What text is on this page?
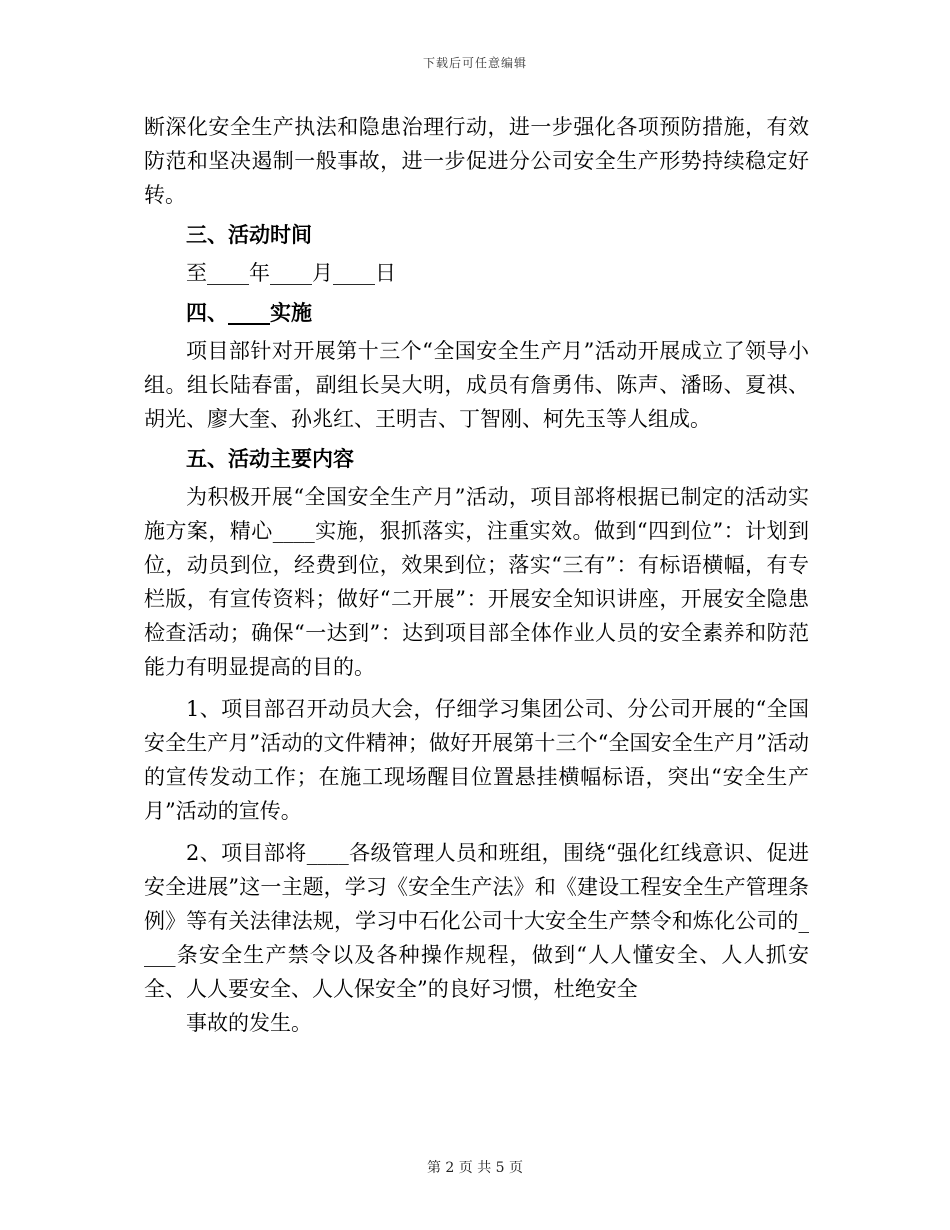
下载后可任意编辑

断深化安全生产执法和隐患治理行动，进一步强化各项预防措施，有效防范和坚决遏制一般事故，进一步促进分公司安全生产形势持续稳定好转。

三、活动时间

至____年____月____日

四、____实施

项目部针对开展第十三个“全国安全生产月”活动开展成立了领导小组。组长陆春雷，副组长吴大明，成员有詹勇伟、陈声、潘旸、夏祺、胡光、廖大奎、孙兆红、王明吉、丁智刚、柯先玉等人组成。

五、活动主要内容

为积极开展“全国安全生产月”活动，项目部将根据已制定的活动实施方案，精心____实施，狠抓落实，注重实效。做到“四到位”：计划到位，动员到位，经费到位，效果到位；落实“三有”：有标语横幅，有专栏版，有宣传资料；做好“二开展”：开展安全知识讲座，开展安全隐患检查活动；确保“一达到”：达到项目部全体作业人员的安全素养和防范能力有明显提高的目的。

1、项目部召开动员大会，仔细学习集团公司、分公司开展的“全国安全生产月”活动的文件精神；做好开展第十三个“全国安全生产月”活动的宣传发动工作；在施工现场醒目位置悬挂横幅标语，突出“安全生产月”活动的宣传。

2、项目部将____各级管理人员和班组，围绕“强化红线意识、促进安全进展”这一主题，学习《安全生产法》和《建设工程安全生产管理条例》等有关法律法规，学习中石化公司十大安全生产禁令和炼化公司的____条安全生产禁令以及各种操作规程，做到“人人懂安全、人人抓安全、人人要安全、人人保安全”的良好习惯，杜绝安全

事故的发生。

第 2 页 共 5 页
